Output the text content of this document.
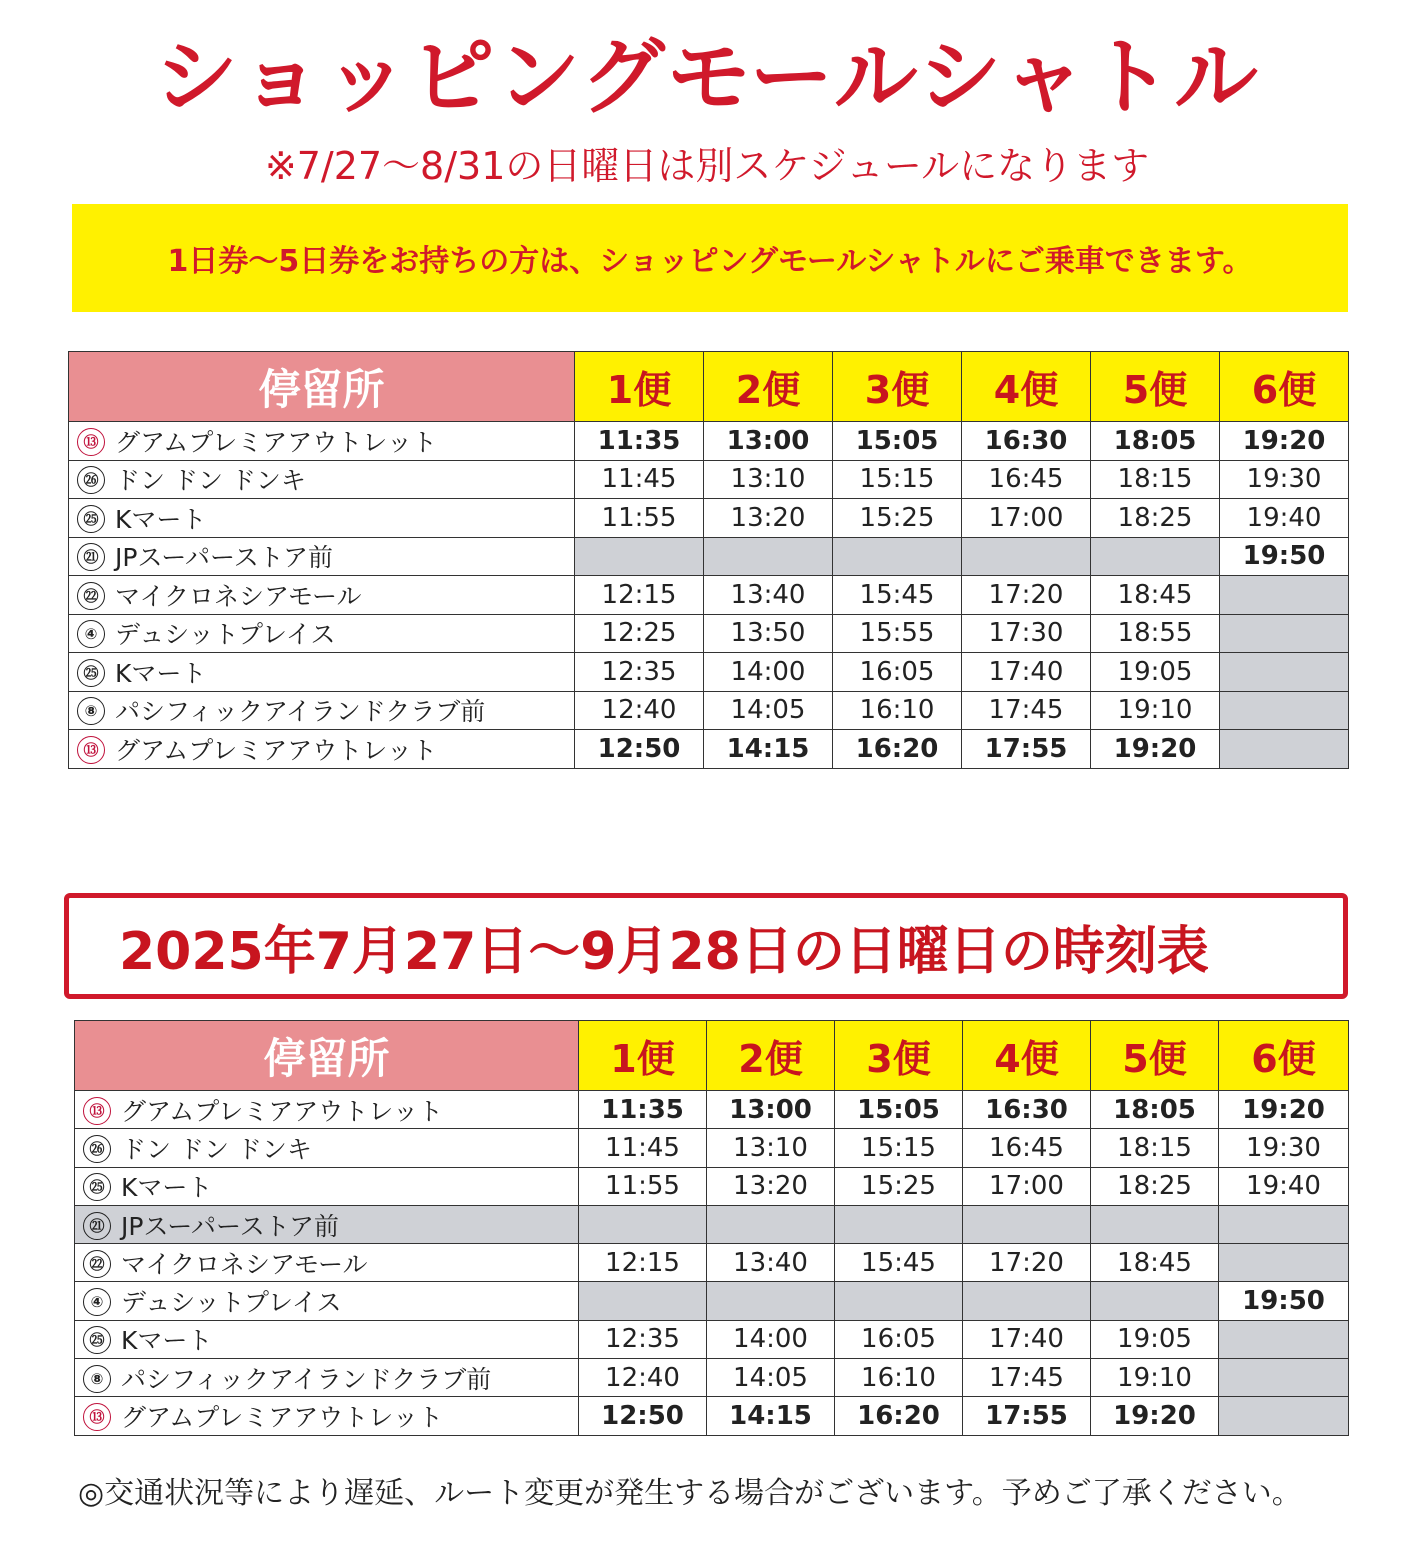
ショッピングモールシャトル
※7/27〜8/31の日曜日は別スケジュールになります
1日券〜5日券をお持ちの方は、ショッピングモールシャトルにご乗車できます。
停留所	1便	2便	3便	4便	5便	6便
⑬ グアムプレミアアウトレット	11:35	13:00	15:05	16:30	18:05	19:20
㉖ ドン ドン ドンキ	11:45	13:10	15:15	16:45	18:15	19:30
㉕ Kマート	11:55	13:20	15:25	17:00	18:25	19:40
㉑ JPスーパーストア前						19:50
㉒ マイクロネシアモール	12:15	13:40	15:45	17:20	18:45	
④ デュシットプレイス	12:25	13:50	15:55	17:30	18:55	
㉕ Kマート	12:35	14:00	16:05	17:40	19:05	
⑧ パシフィックアイランドクラブ前	12:40	14:05	16:10	17:45	19:10	
⑬ グアムプレミアアウトレット	12:50	14:15	16:20	17:55	19:20	
2025年7月27日〜9月28日の日曜日の時刻表
停留所	1便	2便	3便	4便	5便	6便
⑬ グアムプレミアアウトレット	11:35	13:00	15:05	16:30	18:05	19:20
㉖ ドン ドン ドンキ	11:45	13:10	15:15	16:45	18:15	19:30
㉕ Kマート	11:55	13:20	15:25	17:00	18:25	19:40
㉑ JPスーパーストア前						
㉒ マイクロネシアモール	12:15	13:40	15:45	17:20	18:45	
④ デュシットプレイス						19:50
㉕ Kマート	12:35	14:00	16:05	17:40	19:05	
⑧ パシフィックアイランドクラブ前	12:40	14:05	16:10	17:45	19:10	
⑬ グアムプレミアアウトレット	12:50	14:15	16:20	17:55	19:20	
◎交通状況等により遅延、ルート変更が発生する場合がございます。予めご了承ください。
